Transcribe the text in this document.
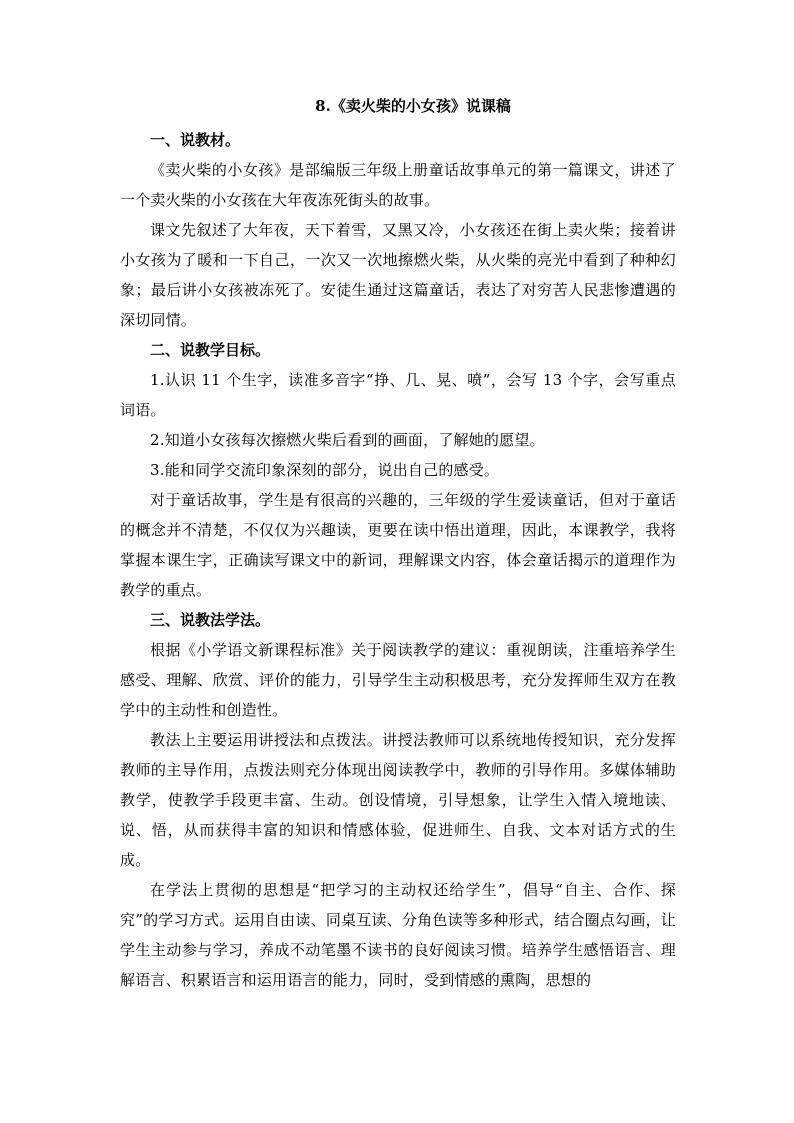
8.《卖火柴的小女孩》说课稿
一、说教材。

《卖火柴的小女孩》是部编版三年级上册童话故事单元的第一篇课文，讲述了一个卖火柴的小女孩在大年夜冻死街头的故事。

课文先叙述了大年夜，天下着雪，又黑又冷，小女孩还在街上卖火柴；接着讲小女孩为了暖和一下自己，一次又一次地擦燃火柴，从火柴的亮光中看到了种种幻象；最后讲小女孩被冻死了。安徒生通过这篇童话，表达了对穷苦人民悲惨遭遇的深切同情。

二、说教学目标。

1.认识 11 个生字，读准多音字“挣、几、晃、喷”，会写 13 个字，会写重点词语。

2.知道小女孩每次擦燃火柴后看到的画面，了解她的愿望。

3.能和同学交流印象深刻的部分，说出自己的感受。

对于童话故事，学生是有很高的兴趣的，三年级的学生爱读童话，但对于童话的概念并不清楚，不仅仅为兴趣读，更要在读中悟出道理，因此，本课教学，我将掌握本课生字，正确读写课文中的新词，理解课文内容，体会童话揭示的道理作为教学的重点。

三、说教法学法。

根据《小学语文新课程标准》关于阅读教学的建议：重视朗读，注重培养学生感受、理解、欣赏、评价的能力，引导学生主动积极思考，充分发挥师生双方在教学中的主动性和创造性。

教法上主要运用讲授法和点拨法。讲授法教师可以系统地传授知识，充分发挥教师的主导作用，点拨法则充分体现出阅读教学中，教师的引导作用。多媒体辅助教学，使教学手段更丰富、生动。创设情境，引导想象，让学生入情入境地读、说、悟，从而获得丰富的知识和情感体验，促进师生、自我、文本对话方式的生成。

在学法上贯彻的思想是“把学习的主动权还给学生”，倡导“自主、合作、探究”的学习方式。运用自由读、同桌互读、分角色读等多种形式，结合圈点勾画，让学生主动参与学习，养成不动笔墨不读书的良好阅读习惯。培养学生感悟语言、理解语言、积累语言和运用语言的能力，同时，受到情感的熏陶，思想的
